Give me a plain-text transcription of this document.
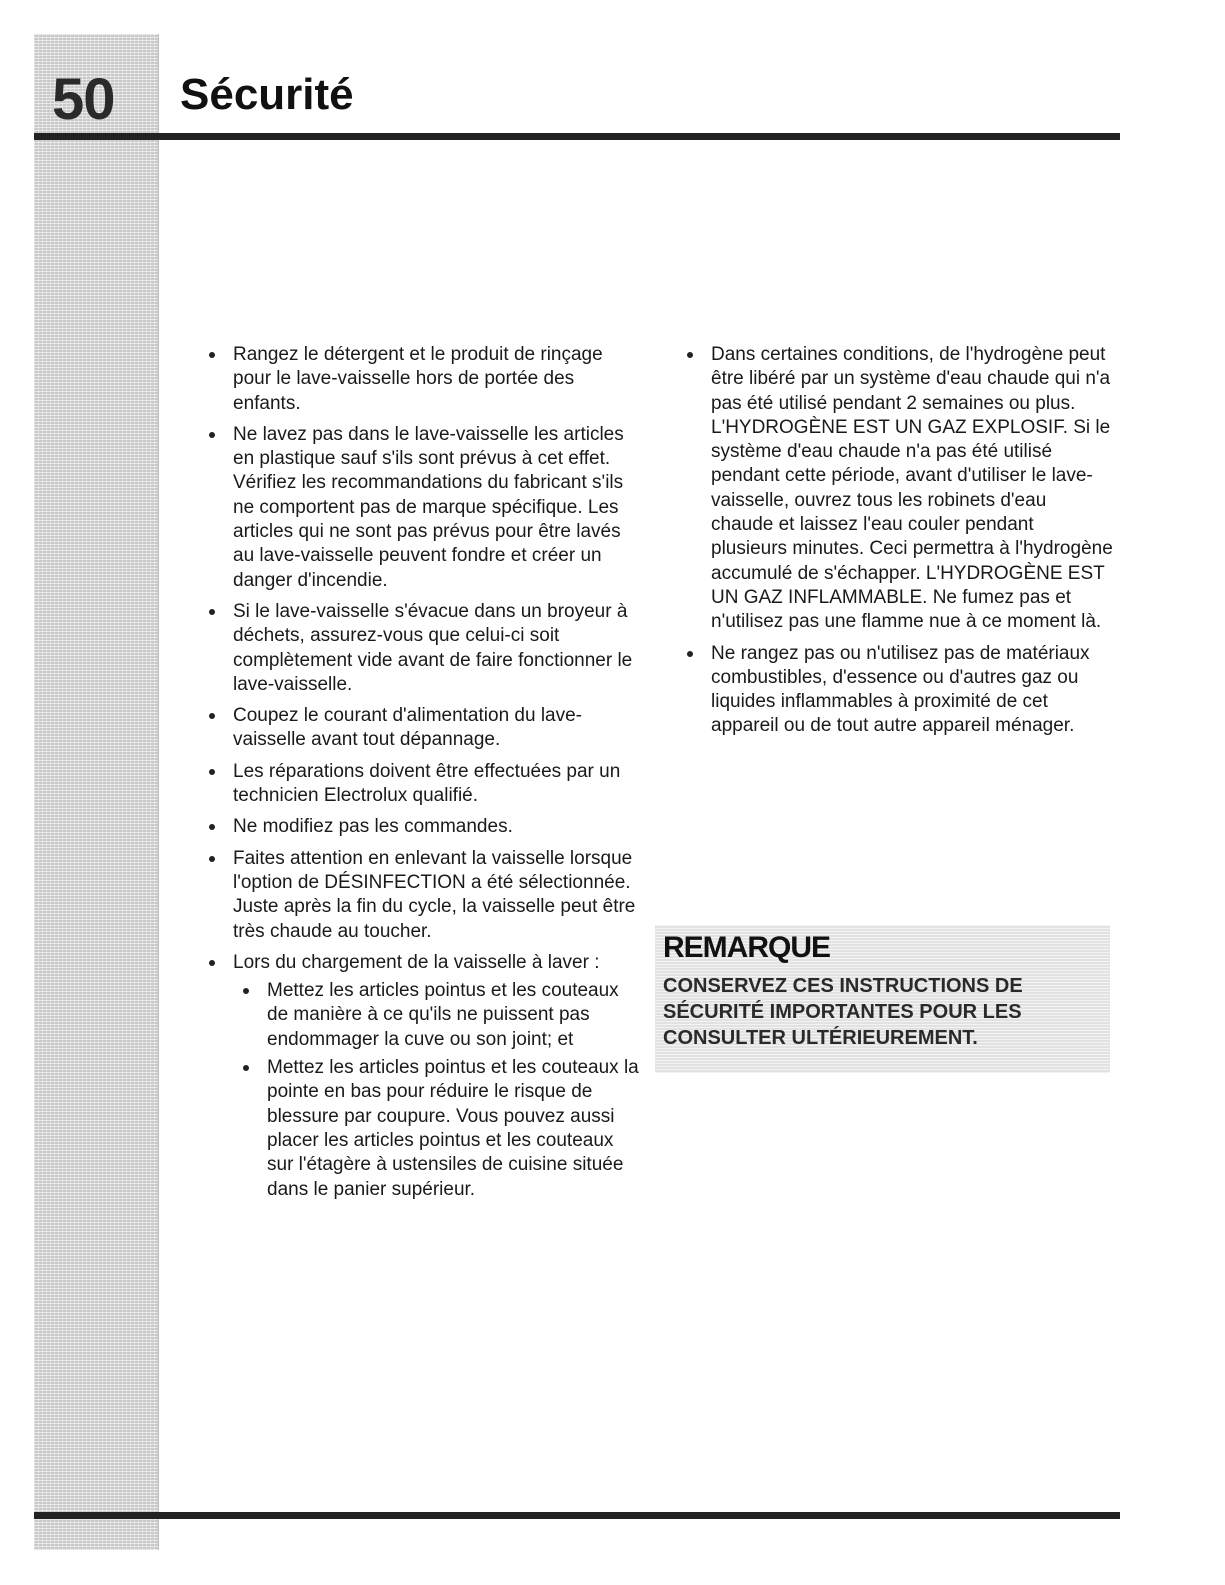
50 Sécurité
Rangez le détergent et le produit de rinçage pour le lave-vaisselle hors de portée des enfants.
Ne lavez pas dans le lave-vaisselle les articles en plastique sauf s'ils sont prévus à cet effet. Vérifiez les recommandations du fabricant s'ils ne comportent pas de marque spécifique. Les articles qui ne sont pas prévus pour être lavés au lave-vaisselle peuvent fondre et créer un danger d'incendie.
Si le lave-vaisselle s'évacue dans un broyeur à déchets, assurez-vous que celui-ci soit complètement vide avant de faire fonctionner le lave-vaisselle.
Coupez le courant d'alimentation du lave-vaisselle avant tout dépannage.
Les réparations doivent être effectuées par un technicien Electrolux qualifié.
Ne modifiez pas les commandes.
Faites attention en enlevant la vaisselle lorsque l'option de DÉSINFECTION a été sélectionnée. Juste après la fin du cycle, la vaisselle peut être très chaude au toucher.
Lors du chargement de la vaisselle à laver :
Mettez les articles pointus et les couteaux de manière à ce qu'ils ne puissent pas endommager la cuve ou son joint; et
Mettez les articles pointus et les couteaux la pointe en bas pour réduire le risque de blessure par coupure. Vous pouvez aussi placer les articles pointus et les couteaux sur l'étagère à ustensiles de cuisine située dans le panier supérieur.
Dans certaines conditions, de l'hydrogène peut être libéré par un système d'eau chaude qui n'a pas été utilisé pendant 2 semaines ou plus. L'HYDROGÈNE EST UN GAZ EXPLOSIF. Si le système d'eau chaude n'a pas été utilisé pendant cette période, avant d'utiliser le lave-vaisselle, ouvrez tous les robinets d'eau chaude et laissez l'eau couler pendant plusieurs minutes. Ceci permettra à l'hydrogène accumulé de s'échapper. L'HYDROGÈNE EST UN GAZ INFLAMMABLE. Ne fumez pas et n'utilisez pas une flamme nue à ce moment là.
Ne rangez pas ou n'utilisez pas de matériaux combustibles, d'essence ou d'autres gaz ou liquides inflammables à proximité de cet appareil ou de tout autre appareil ménager.
REMARQUE
CONSERVEZ CES INSTRUCTIONS DE SÉCURITÉ IMPORTANTES POUR LES CONSULTER ULTÉRIEUREMENT.
